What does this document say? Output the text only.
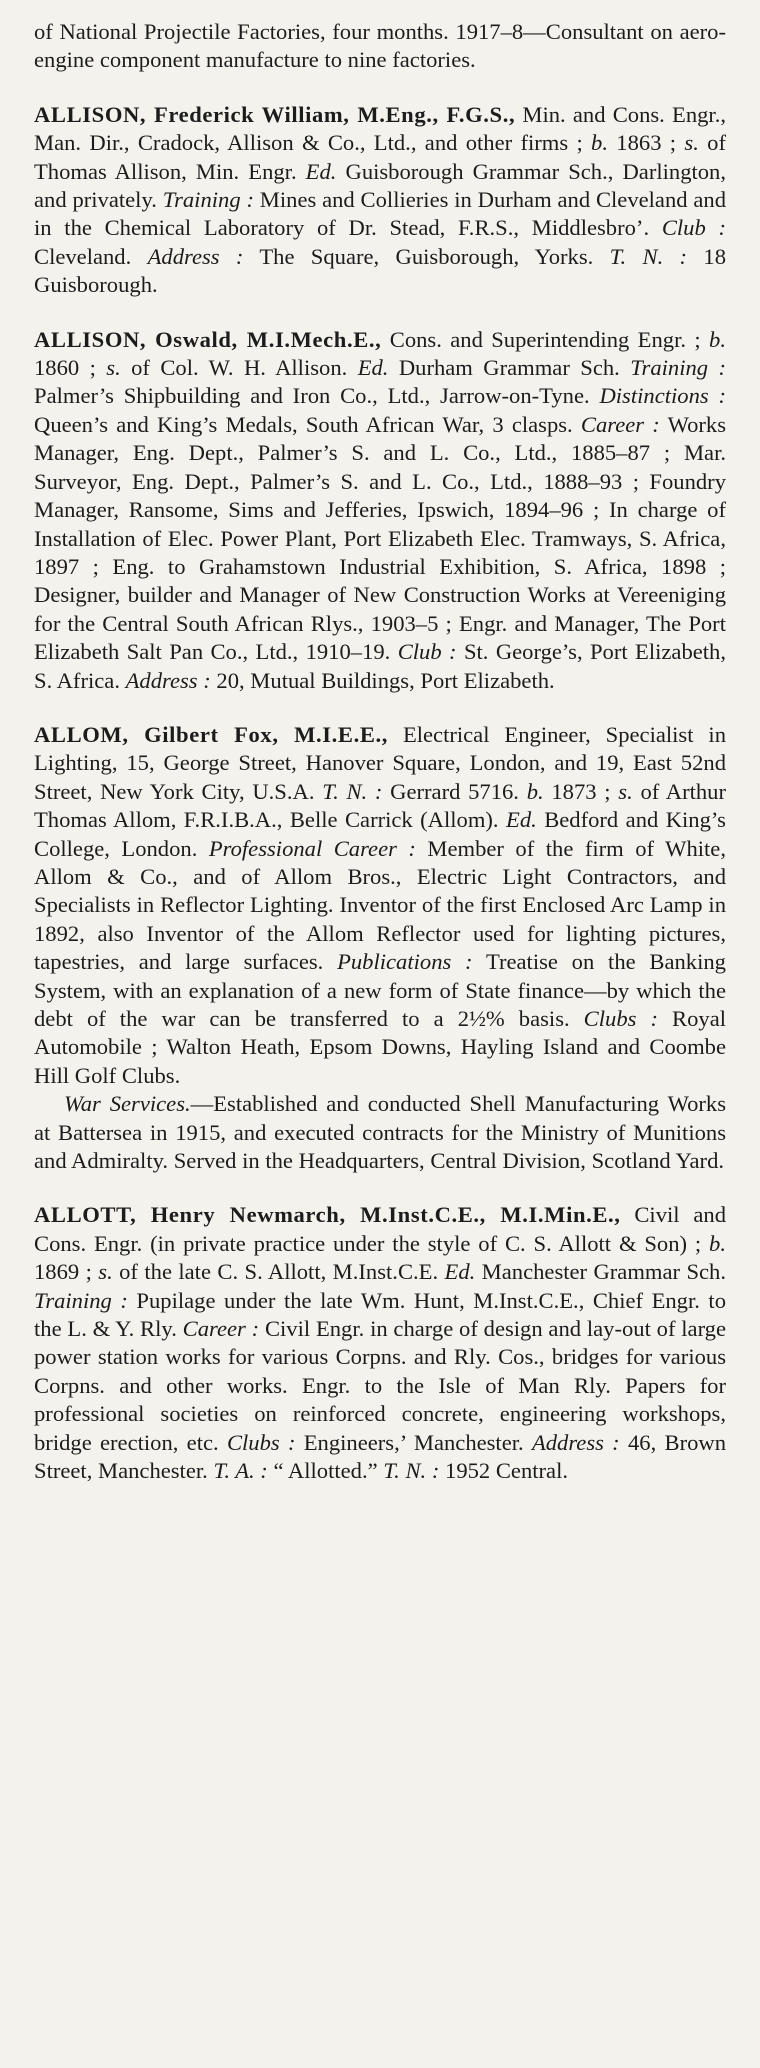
of National Projectile Factories, four months. 1917–8—Consultant on aero-engine component manufacture to nine factories.

ALLISON, Frederick William, M.Eng., F.G.S., Min. and Cons. Engr., Man. Dir., Cradock, Allison & Co., Ltd., and other firms ; b. 1863 ; s. of Thomas Allison, Min. Engr. Ed. Guisborough Grammar Sch., Darlington, and privately. Training : Mines and Collieries in Durham and Cleveland and in the Chemical Laboratory of Dr. Stead, F.R.S., Middlesbro’. Club : Cleveland. Address : The Square, Guisborough, Yorks. T. N. : 18 Guisborough.

ALLISON, Oswald, M.I.Mech.E., Cons. and Superintending Engr. ; b. 1860 ; s. of Col. W. H. Allison. Ed. Durham Grammar Sch. Training : Palmer’s Shipbuilding and Iron Co., Ltd., Jarrow-on-Tyne. Distinctions : Queen’s and King’s Medals, South African War, 3 clasps. Career : Works Manager, Eng. Dept., Palmer’s S. and L. Co., Ltd., 1885–87 ; Mar. Surveyor, Eng. Dept., Palmer’s S. and L. Co., Ltd., 1888–93 ; Foundry Manager, Ransome, Sims and Jefferies, Ipswich, 1894–96 ; In charge of Installation of Elec. Power Plant, Port Elizabeth Elec. Tramways, S. Africa, 1897 ; Eng. to Grahamstown Industrial Exhibition, S. Africa, 1898 ; Designer, builder and Manager of New Construction Works at Vereeniging for the Central South African Rlys., 1903–5 ; Engr. and Manager, The Port Elizabeth Salt Pan Co., Ltd., 1910–19. Club : St. George’s, Port Elizabeth, S. Africa. Address : 20, Mutual Buildings, Port Elizabeth.

ALLOM, Gilbert Fox, M.I.E.E., Electrical Engineer, Specialist in Lighting, 15, George Street, Hanover Square, London, and 19, East 52nd Street, New York City, U.S.A. T. N. : Gerrard 5716. b. 1873 ; s. of Arthur Thomas Allom, F.R.I.B.A., Belle Carrick (Allom). Ed. Bedford and King’s College, London. Professional Career : Member of the firm of White, Allom & Co., and of Allom Bros., Electric Light Contractors, and Specialists in Reflector Lighting. Inventor of the first Enclosed Arc Lamp in 1892, also Inventor of the Allom Reflector used for lighting pictures, tapestries, and large surfaces. Publications : Treatise on the Banking System, with an explanation of a new form of State finance—by which the debt of the war can be transferred to a 2½% basis. Clubs : Royal Automobile ; Walton Heath, Epsom Downs, Hayling Island and Coombe Hill Golf Clubs.
War Services.—Established and conducted Shell Manufacturing Works at Battersea in 1915, and executed contracts for the Ministry of Munitions and Admiralty. Served in the Headquarters, Central Division, Scotland Yard.

ALLOTT, Henry Newmarch, M.Inst.C.E., M.I.Min.E., Civil and Cons. Engr. (in private practice under the style of C. S. Allott & Son) ; b. 1869 ; s. of the late C. S. Allott, M.Inst.C.E. Ed. Manchester Grammar Sch. Training : Pupilage under the late Wm. Hunt, M.Inst.C.E., Chief Engr. to the L. & Y. Rly. Career : Civil Engr. in charge of design and lay-out of large power station works for various Corpns. and Rly. Cos., bridges for various Corpns. and other works. Engr. to the Isle of Man Rly. Papers for professional societies on reinforced concrete, engineering workshops, bridge erection, etc. Clubs : Engineers,’ Manchester. Address : 46, Brown Street, Manchester. T. A. : “ Allotted.” T. N. : 1952 Central.
